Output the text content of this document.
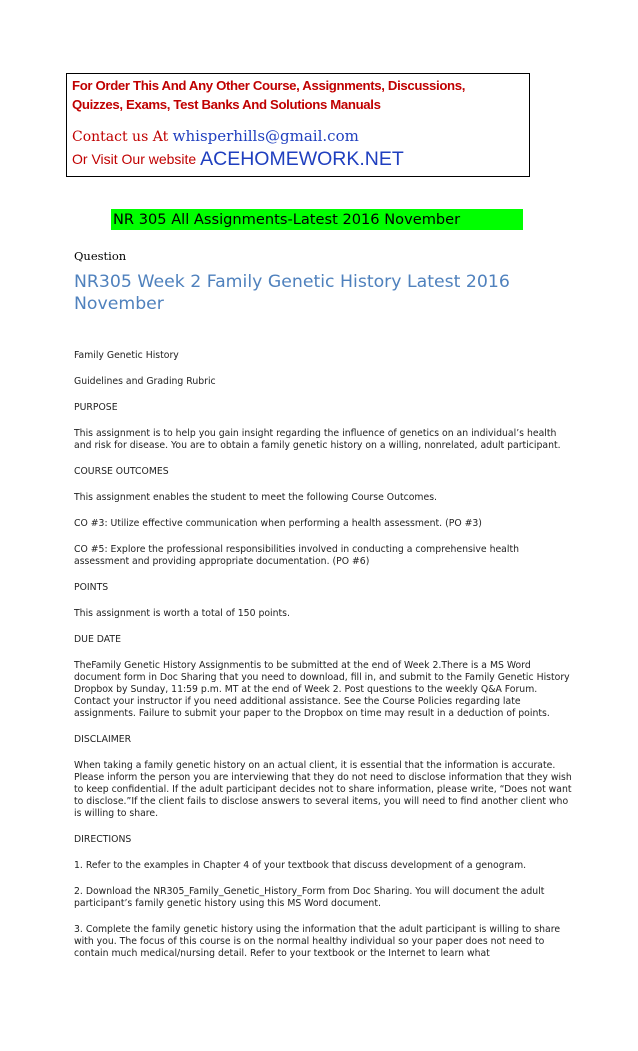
For Order This And Any Other Course, Assignments, Discussions,
Quizzes, Exams, Test Banks And Solutions Manuals
Contact us At whisperhills@gmail.com
Or Visit Our website ACEHOMEWORK.NET
NR 305 All Assignments-Latest 2016 November
Question
NR305 Week 2 Family Genetic History Latest 2016 November

Family Genetic History

Guidelines and Grading Rubric

PURPOSE

This assignment is to help you gain insight regarding the influence of genetics on an individual’s health and risk for disease. You are to obtain a family genetic history on a willing, nonrelated, adult participant.

COURSE OUTCOMES

This assignment enables the student to meet the following Course Outcomes.

CO #3: Utilize effective communication when performing a health assessment. (PO #3)

CO #5: Explore the professional responsibilities involved in conducting a comprehensive health assessment and providing appropriate documentation. (PO #6)

POINTS

This assignment is worth a total of 150 points.

DUE DATE

TheFamily Genetic History Assignmentis to be submitted at the end of Week 2.There is a MS Word document form in Doc Sharing that you need to download, fill in, and submit to the Family Genetic History Dropbox by Sunday, 11:59 p.m. MT at the end of Week 2. Post questions to the weekly Q&A Forum. Contact your instructor if you need additional assistance. See the Course Policies regarding late assignments. Failure to submit your paper to the Dropbox on time may result in a deduction of points.

DISCLAIMER

When taking a family genetic history on an actual client, it is essential that the information is accurate. Please inform the person you are interviewing that they do not need to disclose information that they wish to keep confidential. If the adult participant decides not to share information, please write, “Does not want to disclose.”If the client fails to disclose answers to several items, you will need to find another client who is willing to share.

DIRECTIONS

1. Refer to the examples in Chapter 4 of your textbook that discuss development of a genogram.

2. Download the NR305_Family_Genetic_History_Form from Doc Sharing. You will document the adult participant’s family genetic history using this MS Word document.

3. Complete the family genetic history using the information that the adult participant is willing to share with you. The focus of this course is on the normal healthy individual so your paper does not need to contain much medical/nursing detail. Refer to your textbook or the Internet to learn what
